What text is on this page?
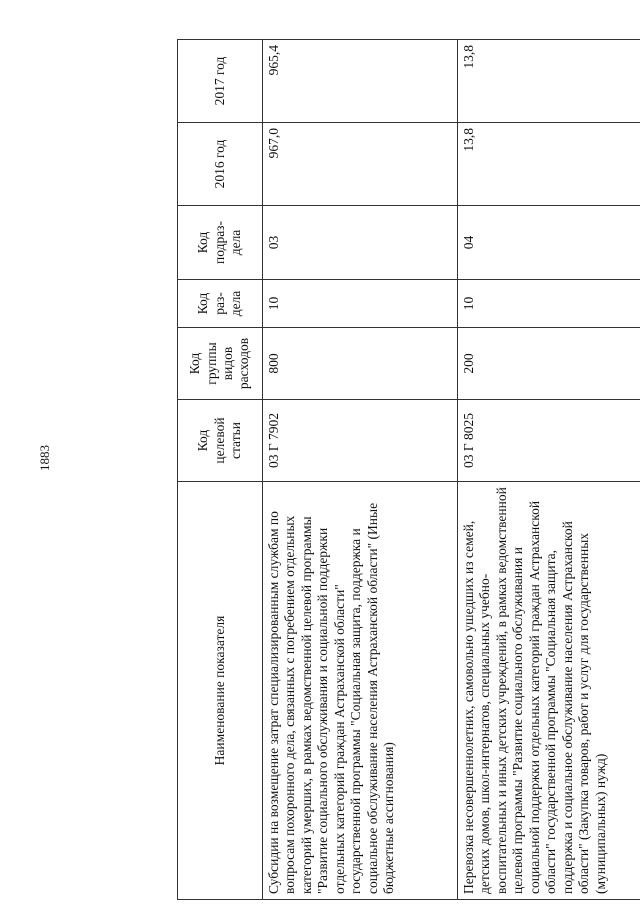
1883
Наименование показателя	Код целевой статьи	Код группы видов расходов	Код раз-дела	Код подраз-дела	2016 год	2017 год
Субсидии на возмещение затрат специализированным службам по вопросам похоронного дела, связанных с погребением отдельных категорий умерших, в рамках ведомственной целевой программы "Развитие социального обслуживания и социальной поддержки отдельных категорий граждан Астраханской области" государственной программы "Социальная защита, поддержка и социальное обслуживание населения Астраханской области" (Иные бюджетные ассигнования)	03 Г 7902	800	10	03	967,0	965,4
Перевозка несовершеннолетних, самовольно ушедших из семей, детских домов, школ-интернатов, специальных учебно-воспитательных и иных детских учреждений, в рамках ведомственной целевой программы "Развитие социального обслуживания и социальной поддержки отдельных категорий граждан Астраханской области" государственной программы "Социальная защита, поддержка и социальное обслуживание населения Астраханской области" (Закупка товаров, работ и услуг для государственных (муниципальных) нужд)	03 Г 8025	200	10	04	13,8	13,8
